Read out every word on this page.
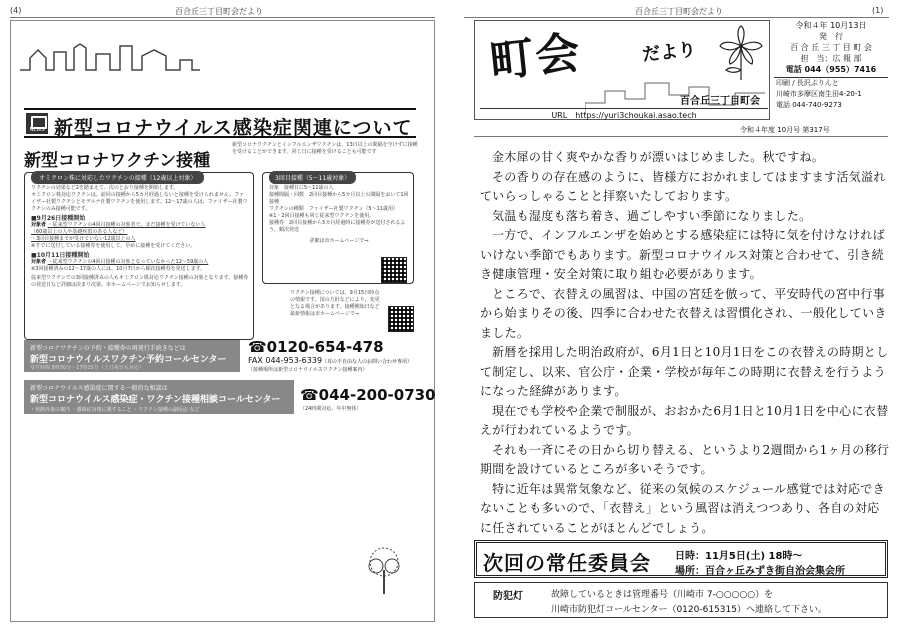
(4)	百合丘三丁目町会だより
NEWS 新型コロナウイルス感染症関連について
新型コロナワクチン接種
新型コロナワクチンとインフルエンザワクチンは、13日以上の間隔を空けずに接種を受けることができます。同じ日に接種を受けることも可能です
オミクロン株に対応したワクチンの接種（12歳以上対象）
ワクチンの効果など2を踏まえて、次のとおり接種を開始します。
オミクロン株対応ワクチンは、前回の接種から5カ月経過しないと接種を受けられません。ファイザー社製ワクチンとモデルナ社製ワクチンを使用します。12〜17歳の人は、ファイザー社製ワクチンのみ接種可能です。
■9月26日接種開始
対象者 ・従来型ワクチンの4回目接種の対象者で、まだ接種を受けていない人
（60歳以上の人や基礎疾患のある人など）
・3回目接種までが受けていない12歳以上の人
※すでに送付している接種券を使用して、早めに接種を受けてください。
■10月11日接種開始
対象者 ・従来型ワクチンの4回目接種の対象となっていなかった12〜59歳の人
※3回接種済みの12〜17歳の人には、10月7日から順次接種券を発送します。
従来型ワクチンでの3回接種済みの人もオミクロン株対応ワクチン接種の対象となります。接種券の発送日など詳細は決まり次第、市ホームページでお知らせします。
3回目接種（5〜11歳対象）
対象　接種日に5〜11歳の人
接種間隔・回数　2回目接種から5カ月以上の間隔をおいて1回接種
ワクチンの種類　ファイザー社製ワクチン（5〜11歳用）
※1・2回目接種も同じ従来型ワクチンを使用。
接種券　2回目接種から5カ月経過時に接種券が送付されるよう、順次発送
詳細は市ホームページで⇒
ワクチン接種については、9月15日時点の情報です。国の方針などにより、変更となる場合があります。接種開始日など最新情報は市ホームページで⇒
新型コロナワクチンの予約・接種券の再発行手続きなどは
新型コロナウイルスワクチン予約コールセンター
受付時間 8時30分〜17時15分（土日祝日も対応）
☎0120-654-478
FAX 044-953-6339（耳の不自由な人のお問い合わせ専用）
（接種場所は新型コロナウイルスワクチン接種案内）
新型コロナウイルス感染症に関する一般的な相談は
新型コロナウイルス感染症・ワクチン接種相談コールセンター
・発熱外来の案内 ・感染症対策に関すること ・ワクチン接種の副反応 など
☎044-200-0730
（24時間対応、年中無休）
百合丘三丁目町会だより	(1)
町会	だより
百合丘三丁目町会
URL　https://yuri3choukai.asao.tech
令和４年 10月13日
発　行
百 合 丘 三 丁 目 町 会
担　当：広 報 部
電話 044（955）7416
印刷 / 長沢ぷりんと
川崎市多摩区南生田4-20-1
電話 044-740-9273
令和４年度 10月号 第317号

金木犀の甘く爽やかな香りが漂いはじめました。秋ですね。

その香りの存在感のように、皆様方におかれましてはますます活気溢れていらっしゃることと拝察いたしております。

気温も湿度も落ち着き、過ごしやすい季節になりました。

一方で、インフルエンザを始めとする感染症には特に気を付けなければいけない季節でもあります。新型コロナウイルス対策と合わせて、引き続き健康管理・安全対策に取り組む必要があります。

ところで、衣替えの風習は、中国の宮廷を倣って、平安時代の宮中行事から始まりその後、四季に合わせた衣替えは習慣化され、一般化していきました。

新暦を採用した明治政府が、6月1日と10月1日をこの衣替えの時期として制定し、以来、官公庁・企業・学校が毎年この時期に衣替えを行うようになった経緯があります。

現在でも学校や企業で制服が、おおかた6月1日と10月1日を中心に衣替えが行われているようです。

それも一斉にその日から切り替える、というより2週間から1ヶ月の移行期間を設けているところが多いそうです。

特に近年は異常気象など、従来の気候のスケジュール感覚では対応できないことも多いので、「衣替え」という風習は消えつつあり、各自の対応に任されていることがほとんどでしょう。

次回の常任委員会 日時：11月5日(土) 18時〜
場所：百合ヶ丘みずき街自治会集会所
防犯灯	故障しているときは管理番号（川崎市 7-○○○○○）を
川崎市防犯灯コールセンター（0120-615315）へ連絡して下さい。
